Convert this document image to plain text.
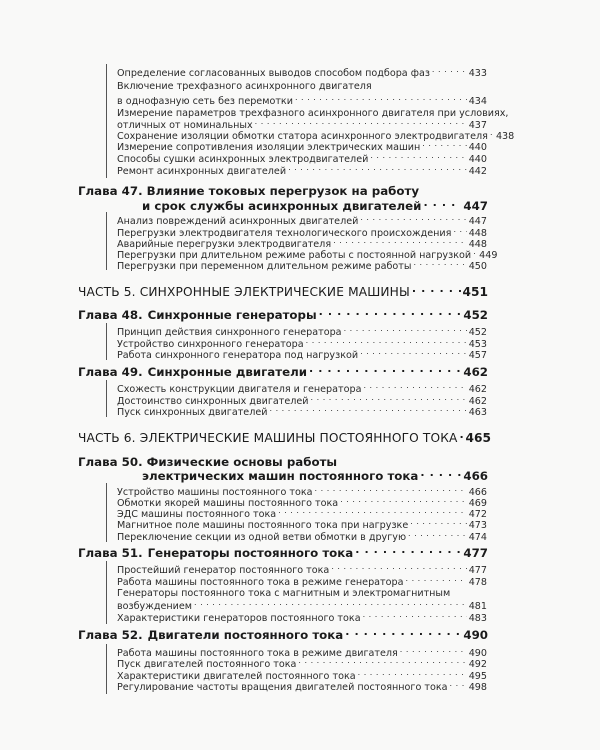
Определение согласованных выводов способом подбора фаз . . .	433
Включение трехфазного асинхронного двигателя
в однофазную сеть без перемотки . . .	434
Измерение параметров трехфазного асинхронного двигателя при условиях,
отличных от номинальных . . .	437
Сохранение изоляции обмотки статора асинхронного электродвигателя . . . 438
Измерение сопротивления изоляции электрических машин . . .	440
Способы сушки асинхронных электродвигателей . . .	440
Ремонт асинхронных двигателей . . .	442
Глава 47. Влияние токовых перегрузок на работу
и срок службы асинхронных двигателей . . .	447
Анализ повреждений асинхронных двигателей . . .	447
Перегрузки электродвигателя технологического происхождения . . . 448
Аварийные перегрузки электродвигателя . . .	448
Перегрузки при длительном режиме работы с постоянной нагрузкой . . . 449
Перегрузки при переменном длительном режиме работы . . .	450
ЧАСТЬ 5. СИНХРОННЫЕ ЭЛЕКТРИЧЕСКИЕ МАШИНЫ . . .	451
Глава 48. Синхронные генераторы . . .	452
Принцип действия синхронного генератора . . .	452
Устройство синхронного генератора . . .	453
Работа синхронного генератора под нагрузкой . . .	457
Глава 49. Синхронные двигатели . . .	462
Схожесть конструкции двигателя и генератора . . .	462
Достоинство синхронных двигателей . . .	462
Пуск синхронных двигателей . . .	463
ЧАСТЬ 6. ЭЛЕКТРИЧЕСКИЕ МАШИНЫ ПОСТОЯННОГО ТОКА . . . 465
Глава 50. Физические основы работы
электрических машин постоянного тока . . .	466
Устройство машины постоянного тока . . .	466
Обмотки якорей машины постоянного тока . . .	469
ЭДС машины постоянного тока . . .	472
Магнитное поле машины постоянного тока при нагрузке . . .	473
Переключение секции из одной ветви обмотки в другую . . .	474
Глава 51. Генераторы постоянного тока . . .	477
Простейший генератор постоянного тока . . .	477
Работа машины постоянного тока в режиме генератора . . .	478
Генераторы постоянного тока с магнитным и электромагнитным
возбуждением . . .	481
Характеристики генераторов постоянного тока . . .	483
Глава 52. Двигатели постоянного тока . . .	490
Работа машины постоянного тока в режиме двигателя . . .	490
Пуск двигателей постоянного тока . . .	492
Характеристики двигателей постоянного тока . . .	495
Регулирование частоты вращения двигателей постоянного тока . . . 498
